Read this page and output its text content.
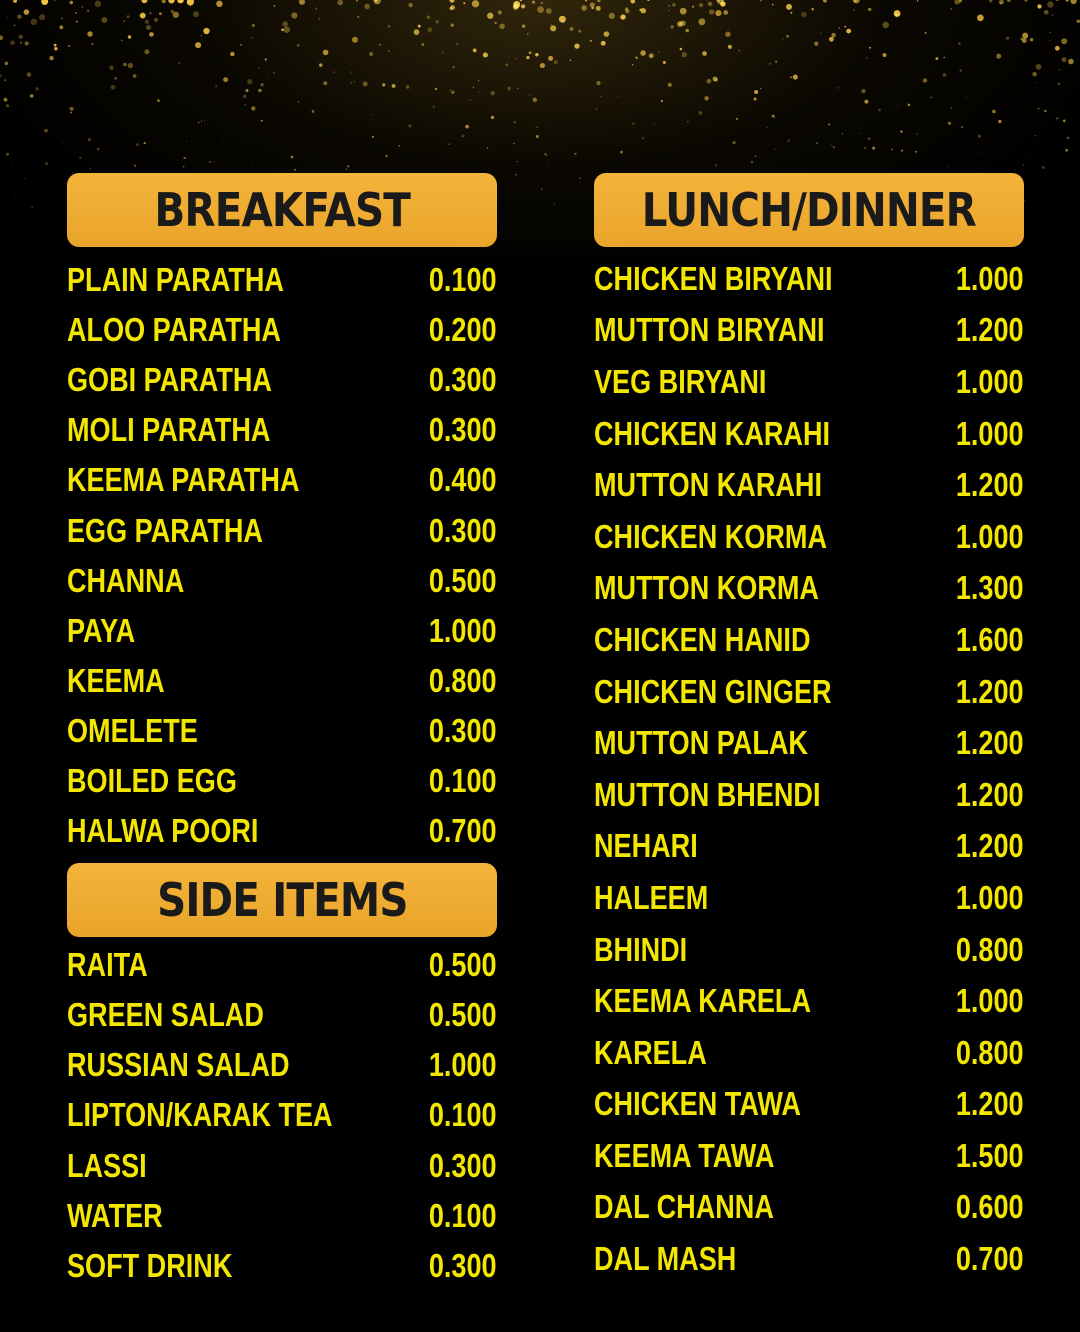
BREAKFAST
PLAIN PARATHA	0.100
ALOO PARATHA	0.200
GOBI PARATHA	0.300
MOLI PARATHA	0.300
KEEMA PARATHA	0.400
EGG PARATHA	0.300
CHANNA	0.500
PAYA	1.000
KEEMA	0.800
OMELETE	0.300
BOILED EGG	0.100
HALWA POORI	0.700
SIDE ITEMS
RAITA	0.500
GREEN SALAD	0.500
RUSSIAN SALAD	1.000
LIPTON/KARAK TEA	0.100
LASSI	0.300
WATER	0.100
SOFT DRINK	0.300
LUNCH/DINNER
CHICKEN BIRYANI	1.000
MUTTON BIRYANI	1.200
VEG BIRYANI	1.000
CHICKEN KARAHI	1.000
MUTTON KARAHI	1.200
CHICKEN KORMA	1.000
MUTTON KORMA	1.300
CHICKEN HANID	1.600
CHICKEN GINGER	1.200
MUTTON PALAK	1.200
MUTTON BHENDI	1.200
NEHARI	1.200
HALEEM	1.000
BHINDI	0.800
KEEMA KARELA	1.000
KARELA	0.800
CHICKEN TAWA	1.200
KEEMA TAWA	1.500
DAL CHANNA	0.600
DAL MASH	0.700
